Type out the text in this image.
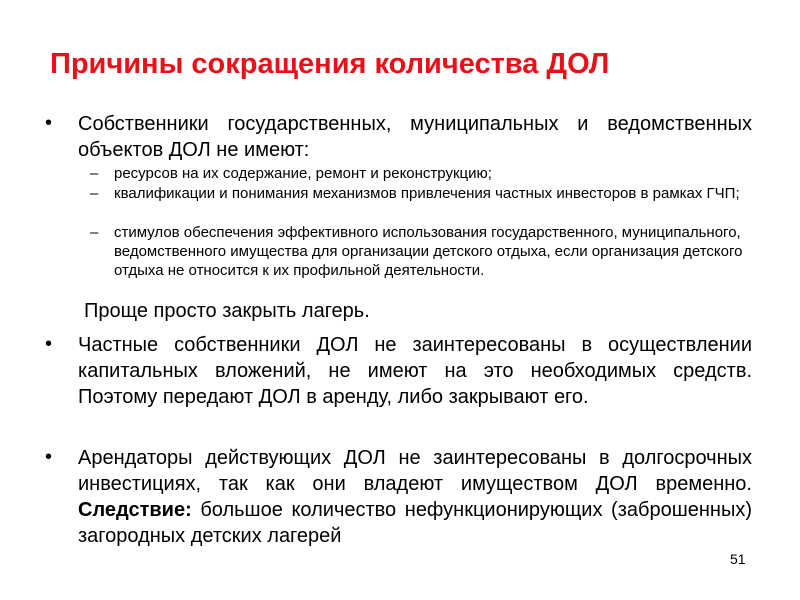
Причины сокращения количества ДОЛ
• Собственники государственных, муниципальных и ведомственных объектов ДОЛ не имеют:
– ресурсов на их содержание, ремонт и реконструкцию;
– квалификации и понимания механизмов привлечения частных инвесторов в рамках ГЧП;
– стимулов обеспечения эффективного использования государственного, муниципального, ведомственного имущества для организации детского отдыха, если организация детского отдыха не относится к их профильной деятельности.
Проще просто закрыть лагерь.
• Частные собственники ДОЛ не заинтересованы в осуществлении капитальных вложений, не имеют на это необходимых средств. Поэтому передают ДОЛ в аренду, либо закрывают его.
• Арендаторы действующих ДОЛ не заинтересованы в долгосрочных инвестициях, так как они владеют имуществом ДОЛ временно. Следствие: большое количество нефункционирующих (заброшенных) загородных детских лагерей
51
